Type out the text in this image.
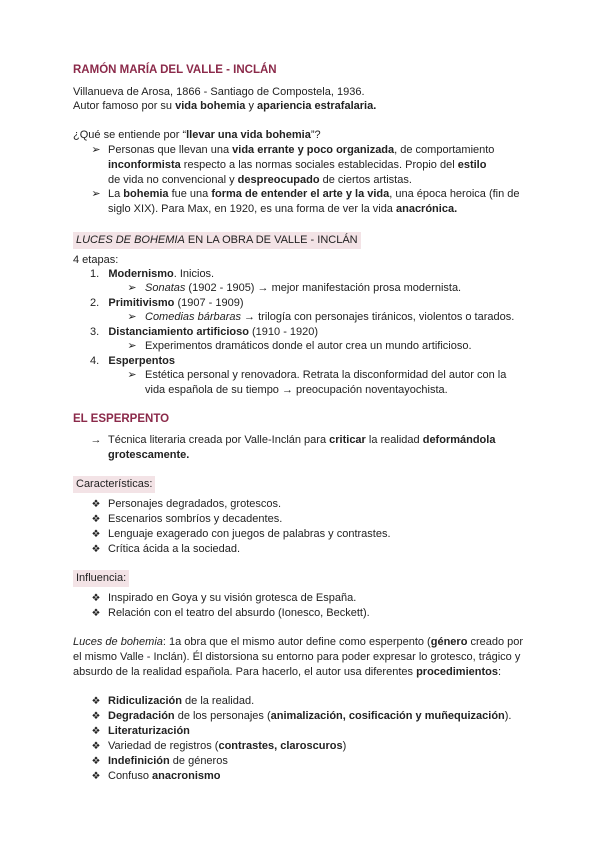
RAMÓN MARÍA DEL VALLE - INCLÁN
Villanueva de Arosa, 1866 - Santiago de Compostela, 1936.
Autor famoso por su vida bohemia y apariencia estrafalaria.
¿Qué se entiende por “llevar una vida bohemia”?
➢ Personas que llevan una vida errante y poco organizada, de comportamiento
inconformista respecto a las normas sociales establecidas. Propio del estilo
de vida no convencional y despreocupado de ciertos artistas.
➢ La bohemia fue una forma de entender el arte y la vida, una época heroica (fin de
siglo XIX). Para Max, en 1920, es una forma de ver la vida anacrónica.
LUCES DE BOHEMIA EN LA OBRA DE VALLE - INCLÁN
4 etapas:
1. Modernismo. Inicios.
➢ Sonatas (1902 - 1905) → mejor manifestación prosa modernista.
2. Primitivismo (1907 - 1909)
➢ Comedias bárbaras → trilogía con personajes tiránicos, violentos o tarados.
3. Distanciamiento artificioso (1910 - 1920)
➢ Experimentos dramáticos donde el autor crea un mundo artificioso.
4. Esperpentos
➢ Estética personal y renovadora. Retrata la disconformidad del autor con la
vida española de su tiempo → preocupación noventayochista.
EL ESPERPENTO
→ Técnica literaria creada por Valle-Inclán para criticar la realidad deformándola
grotescamente.
Características:
❖ Personajes degradados, grotescos.
❖ Escenarios sombríos y decadentes.
❖ Lenguaje exagerado con juegos de palabras y contrastes.
❖ Crítica ácida a la sociedad.
Influencia:
❖ Inspirado en Goya y su visión grotesca de España.
❖ Relación con el teatro del absurdo (Ionesco, Beckett).
Luces de bohemia: 1a obra que el mismo autor define como esperpento (género creado por
el mismo Valle - Inclán). Él distorsiona su entorno para poder expresar lo grotesco, trágico y
absurdo de la realidad española. Para hacerlo, el autor usa diferentes procedimientos:
❖ Ridiculización de la realidad.
❖ Degradación de los personajes (animalización, cosificación y muñequización).
❖ Literaturización
❖ Variedad de registros (contrastes, claroscuros)
❖ Indefinición de géneros
❖ Confuso anacronismo
